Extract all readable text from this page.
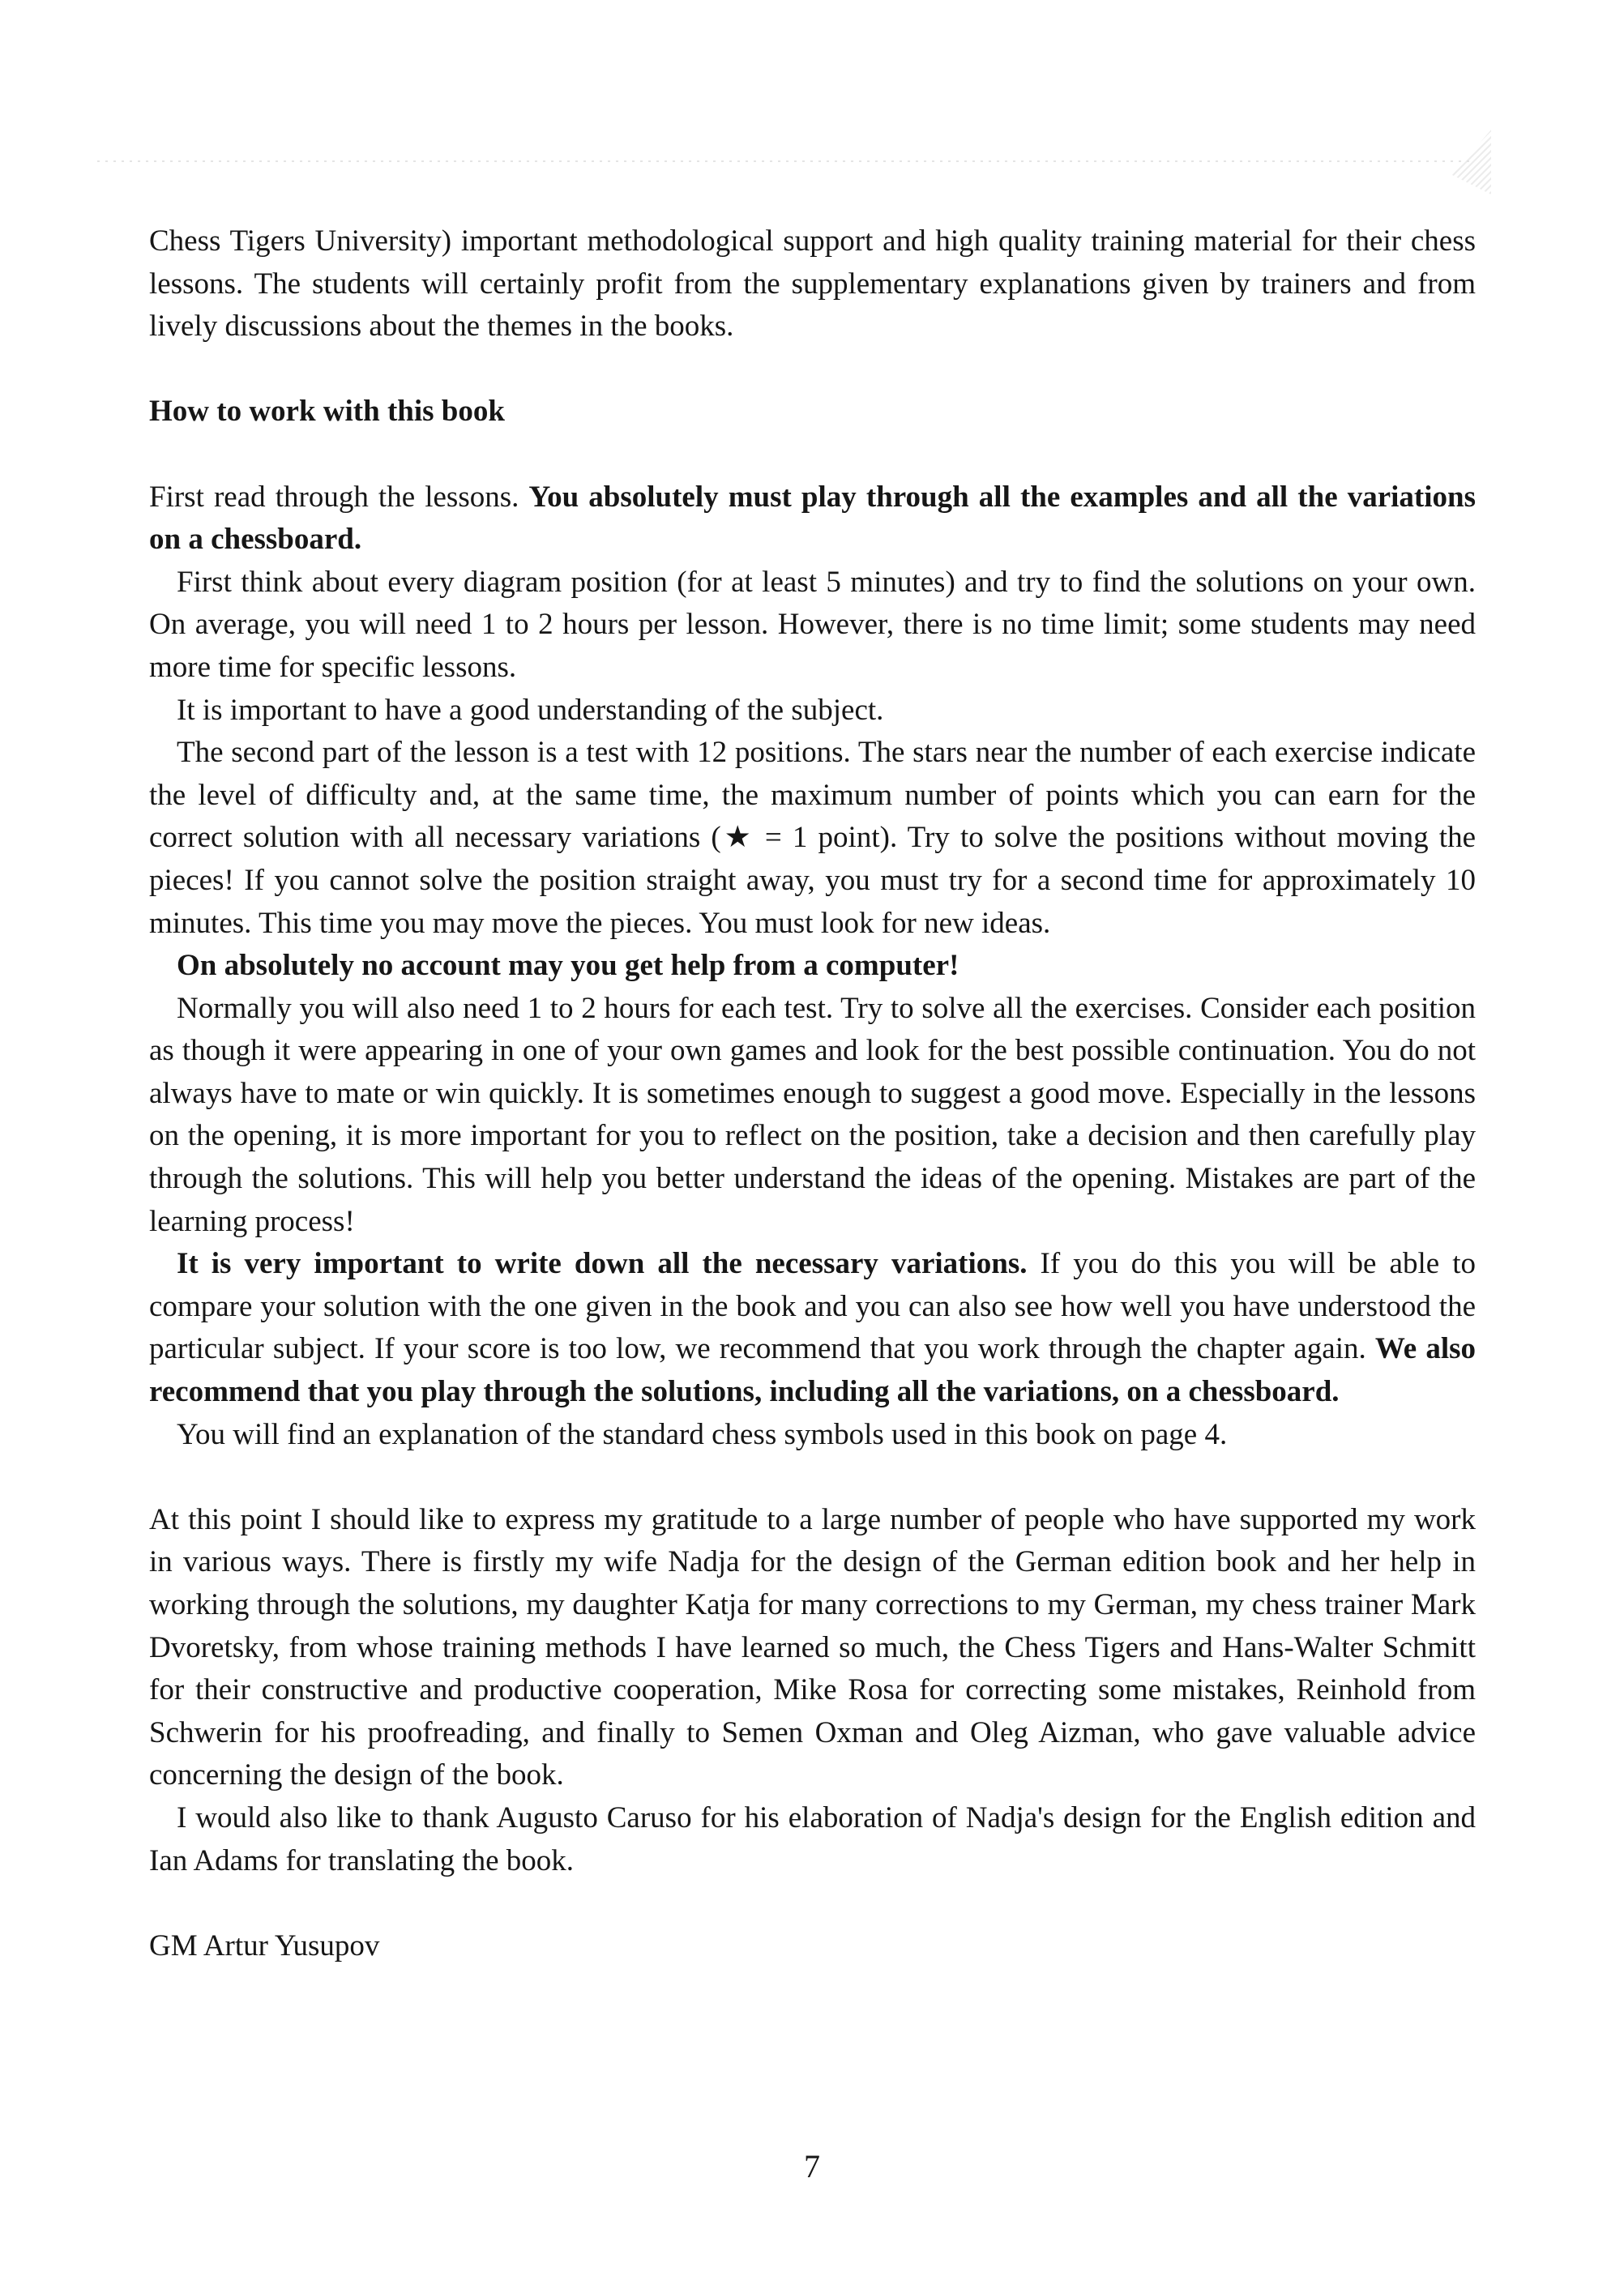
Chess Tigers University) important methodological support and high quality training material for their chess lessons. The students will certainly profit from the supplementary explanations given by trainers and from lively discussions about the themes in the books.

How to work with this book

First read through the lessons. You absolutely must play through all the examples and all the variations on a chessboard.

First think about every diagram position (for at least 5 minutes) and try to find the solutions on your own. On average, you will need 1 to 2 hours per lesson. However, there is no time limit; some students may need more time for specific lessons.

It is important to have a good understanding of the subject.

The second part of the lesson is a test with 12 positions. The stars near the number of each exercise indicate the level of difficulty and, at the same time, the maximum number of points which you can earn for the correct solution with all necessary variations (★ = 1 point). Try to solve the positions without moving the pieces! If you cannot solve the position straight away, you must try for a second time for approximately 10 minutes. This time you may move the pieces. You must look for new ideas.

On absolutely no account may you get help from a computer!

Normally you will also need 1 to 2 hours for each test. Try to solve all the exercises. Consider each position as though it were appearing in one of your own games and look for the best possible continuation. You do not always have to mate or win quickly. It is sometimes enough to suggest a good move. Especially in the lessons on the opening, it is more important for you to reflect on the position, take a decision and then carefully play through the solutions. This will help you better understand the ideas of the opening. Mistakes are part of the learning process!

It is very important to write down all the necessary variations. If you do this you will be able to compare your solution with the one given in the book and you can also see how well you have understood the particular subject. If your score is too low, we recommend that you work through the chapter again. We also recommend that you play through the solutions, including all the variations, on a chessboard.

You will find an explanation of the standard chess symbols used in this book on page 4.

At this point I should like to express my gratitude to a large number of people who have supported my work in various ways. There is firstly my wife Nadja for the design of the German edition book and her help in working through the solutions, my daughter Katja for many corrections to my German, my chess trainer Mark Dvoretsky, from whose training methods I have learned so much, the Chess Tigers and Hans-Walter Schmitt for their constructive and productive cooperation, Mike Rosa for correcting some mistakes, Reinhold from Schwerin for his proofreading, and finally to Semen Oxman and Oleg Aizman, who gave valuable advice concerning the design of the book.

I would also like to thank Augusto Caruso for his elaboration of Nadja's design for the English edition and Ian Adams for translating the book.

GM Artur Yusupov

7
